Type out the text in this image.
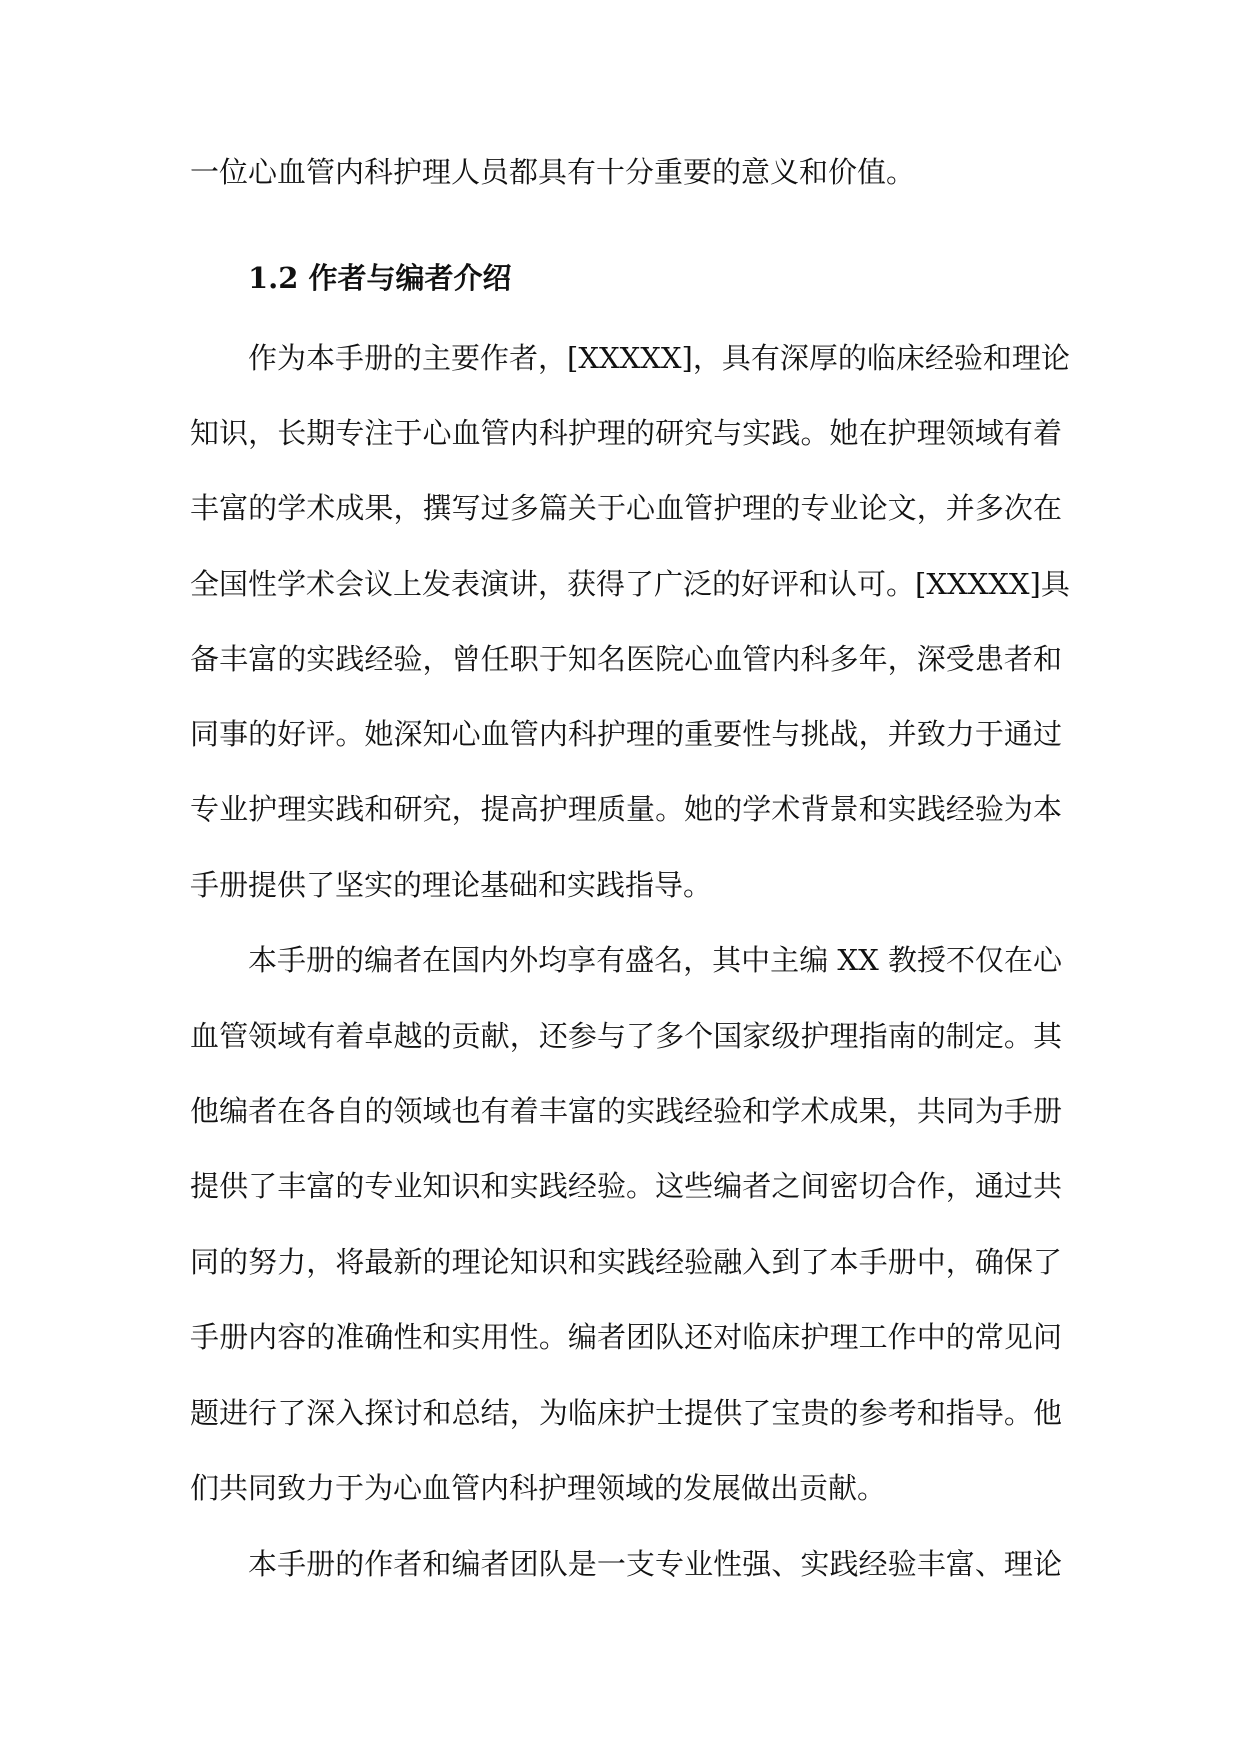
一位心血管内科护理人员都具有十分重要的意义和价值。

1.2 作者与编者介绍

作为本手册的主要作者，[XXXXX]，具有深厚的临床经验和理论

知识，长期专注于心血管内科护理的研究与实践。她在护理领域有着

丰富的学术成果，撰写过多篇关于心血管护理的专业论文，并多次在

全国性学术会议上发表演讲，获得了广泛的好评和认可。[XXXXX]具

备丰富的实践经验，曾任职于知名医院心血管内科多年，深受患者和

同事的好评。她深知心血管内科护理的重要性与挑战，并致力于通过

专业护理实践和研究，提高护理质量。她的学术背景和实践经验为本

手册提供了坚实的理论基础和实践指导。

本手册的编者在国内外均享有盛名，其中主编 XX 教授不仅在心

血管领域有着卓越的贡献，还参与了多个国家级护理指南的制定。其

他编者在各自的领域也有着丰富的实践经验和学术成果，共同为手册

提供了丰富的专业知识和实践经验。这些编者之间密切合作，通过共

同的努力，将最新的理论知识和实践经验融入到了本手册中，确保了

手册内容的准确性和实用性。编者团队还对临床护理工作中的常见问

题进行了深入探讨和总结，为临床护士提供了宝贵的参考和指导。他

们共同致力于为心血管内科护理领域的发展做出贡献。

本手册的作者和编者团队是一支专业性强、实践经验丰富、理论
